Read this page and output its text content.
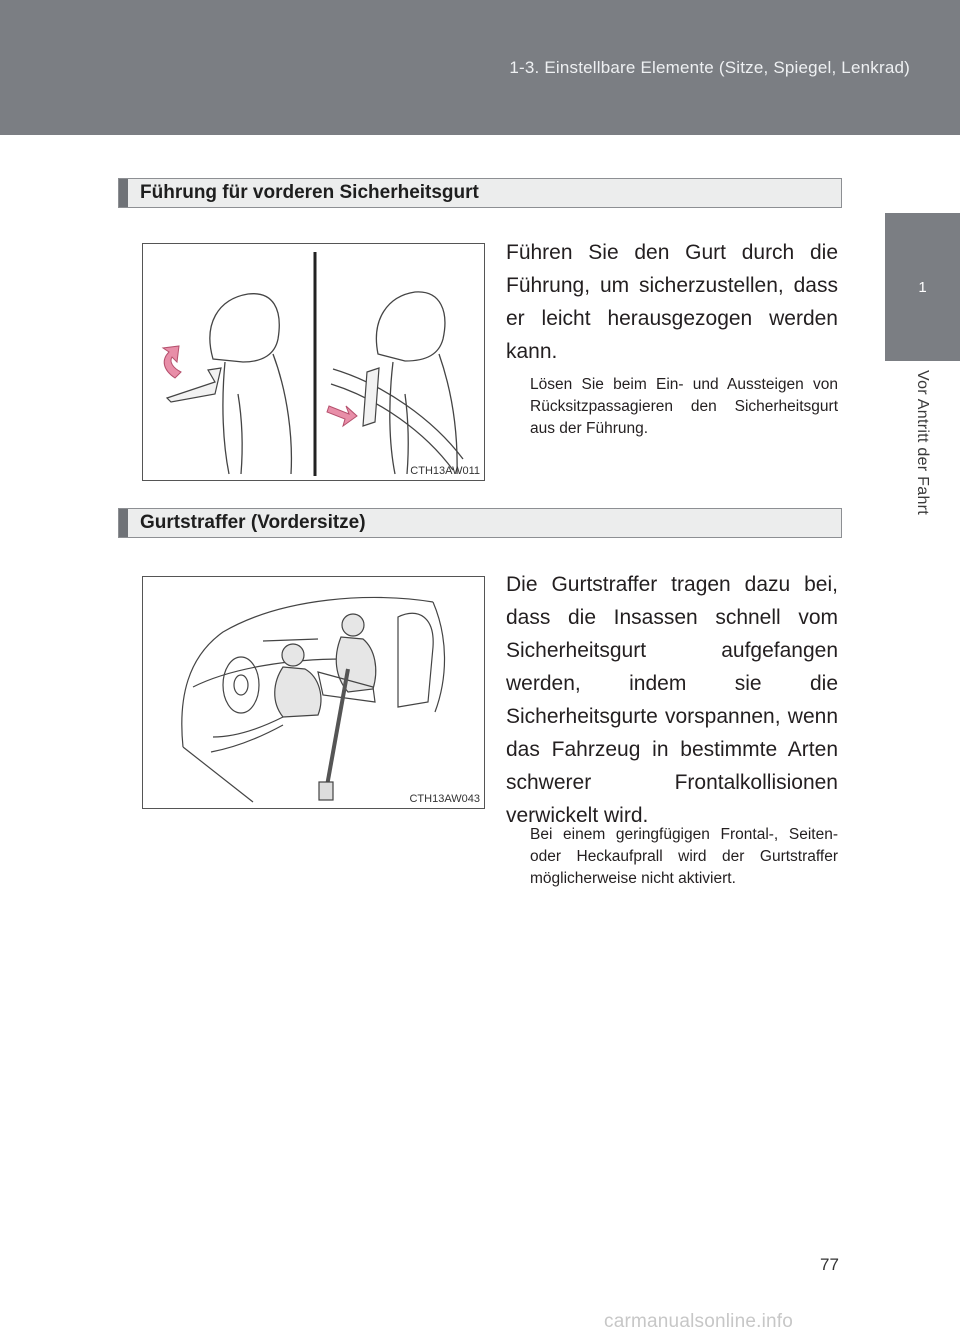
1-3. Einstellbare Elemente (Sitze, Spiegel, Lenkrad)
1
Vor Antritt der Fahrt
Führung für vorderen Sicherheitsgurt
CTH13AW011
Führen Sie den Gurt durch die Führung, um sicherzustellen, dass er leicht herausgezogen werden kann.
Lösen Sie beim Ein- und Aussteigen von Rücksitzpassagieren den Sicherheitsgurt aus der Führung.
Gurtstraffer (Vordersitze)
CTH13AW043
Die Gurtstraffer tragen dazu bei, dass die Insassen schnell vom Sicherheitsgurt aufgefangen werden, indem sie die Sicherheitsgurte vorspannen, wenn das Fahrzeug in bestimmte Arten schwerer Frontalkollisionen verwickelt wird.
Bei einem geringfügigen Frontal-, Seiten- oder Heckaufprall wird der Gurtstraffer möglicherweise nicht aktiviert.
77
carmanualsonline.info
